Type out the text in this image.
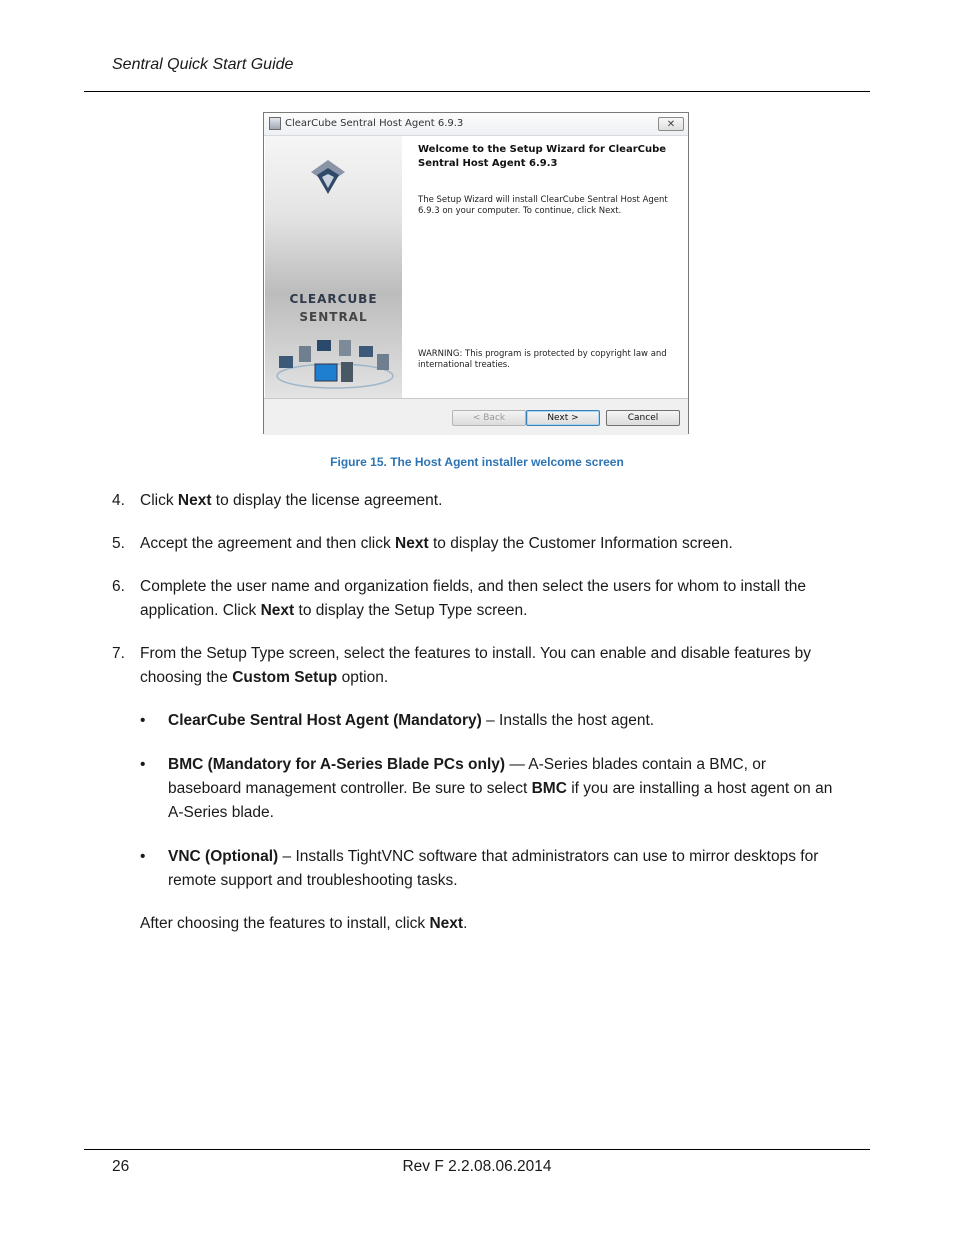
Sentral Quick Start Guide
ClearCube Sentral Host Agent 6.9.3	✕
CLEARCUBE
SENTRAL
Welcome to the Setup Wizard for ClearCube Sentral Host Agent 6.9.3
The Setup Wizard will install ClearCube Sentral Host Agent 6.9.3 on your computer. To continue, click Next.
WARNING: This program is protected by copyright law and international treaties.
< Back	Next >	Cancel
Figure 15. The Host Agent installer welcome screen
4. Click Next to display the license agreement.
5. Accept the agreement and then click Next to display the Customer Information screen.
6. Complete the user name and organization fields, and then select the users for whom to install the application. Click Next to display the Setup Type screen.
7. From the Setup Type screen, select the features to install. You can enable and disable features by choosing the Custom Setup option.
• ClearCube Sentral Host Agent (Mandatory) – Installs the host agent.
• BMC (Mandatory for A-Series Blade PCs only) — A-Series blades contain a BMC, or baseboard management controller. Be sure to select BMC if you are installing a host agent on an A-Series blade.
• VNC (Optional) – Installs TightVNC software that administrators can use to mirror desktops for remote support and troubleshooting tasks.
After choosing the features to install, click Next.
26	Rev F 2.2.08.06.2014
